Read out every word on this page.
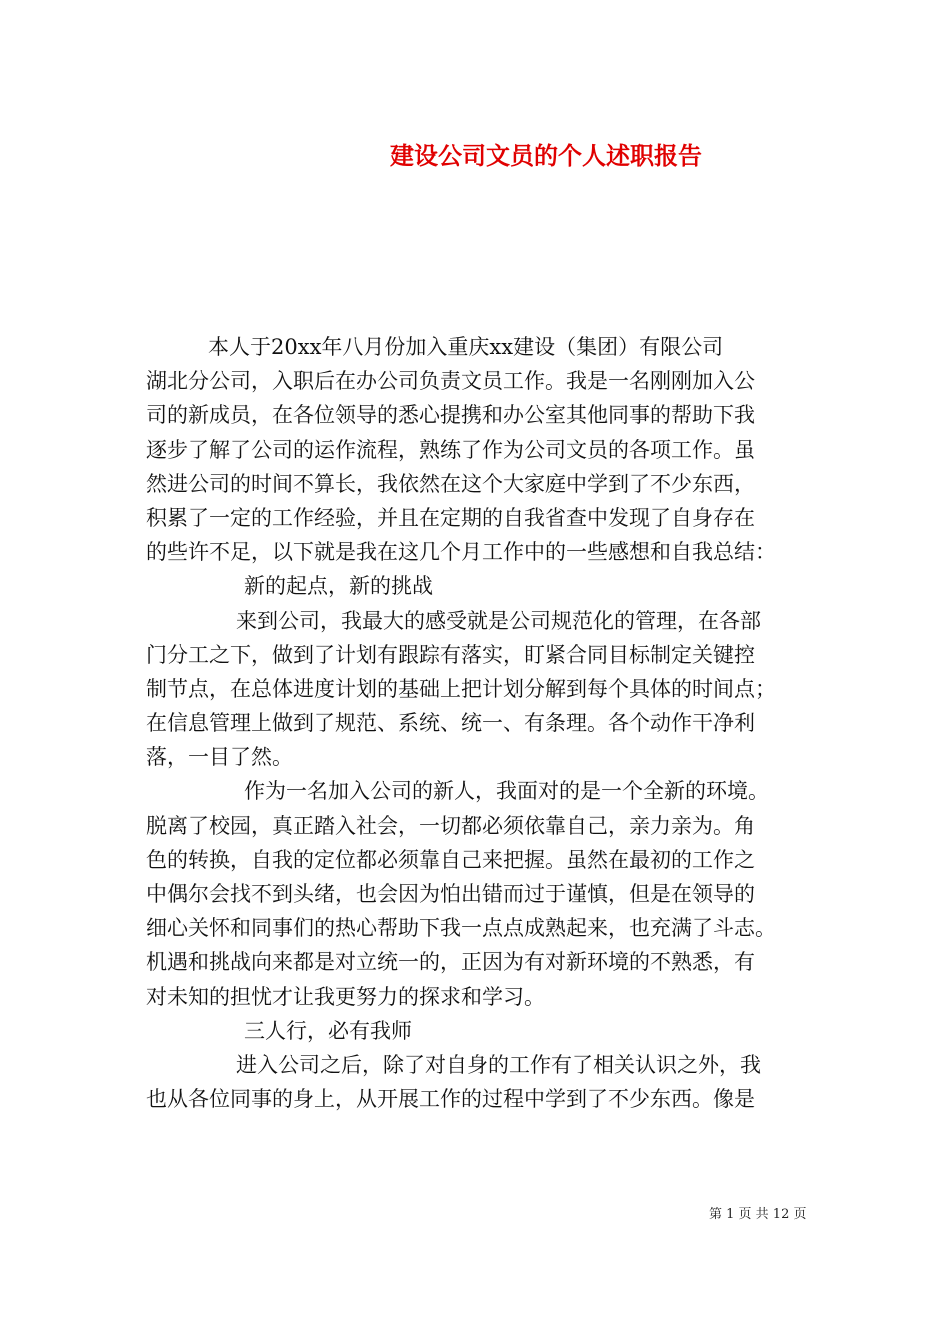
建设公司文员的个人述职报告
本人于20xx年八月份加入重庆xx建设（集团）有限公司
湖北分公司，入职后在办公司负责文员工作。我是一名刚刚加入公
司的新成员，在各位领导的悉心提携和办公室其他同事的帮助下我
逐步了解了公司的运作流程，熟练了作为公司文员的各项工作。虽
然进公司的时间不算长，我依然在这个大家庭中学到了不少东西，
积累了一定的工作经验，并且在定期的自我省查中发现了自身存在
的些许不足，以下就是我在这几个月工作中的一些感想和自我总结：
新的起点，新的挑战
来到公司，我最大的感受就是公司规范化的管理，在各部
门分工之下，做到了计划有跟踪有落实，盯紧合同目标制定关键控
制节点，在总体进度计划的基础上把计划分解到每个具体的时间点；
在信息管理上做到了规范、系统、统一、有条理。各个动作干净利
落，一目了然。
作为一名加入公司的新人，我面对的是一个全新的环境。
脱离了校园，真正踏入社会，一切都必须依靠自己，亲力亲为。角
色的转换，自我的定位都必须靠自己来把握。虽然在最初的工作之
中偶尔会找不到头绪，也会因为怕出错而过于谨慎，但是在领导的
细心关怀和同事们的热心帮助下我一点点成熟起来，也充满了斗志。
机遇和挑战向来都是对立统一的，正因为有对新环境的不熟悉，有
对未知的担忧才让我更努力的探求和学习。
三人行，必有我师
进入公司之后，除了对自身的工作有了相关认识之外，我
也从各位同事的身上，从开展工作的过程中学到了不少东西。像是
第 1 页 共 12 页
